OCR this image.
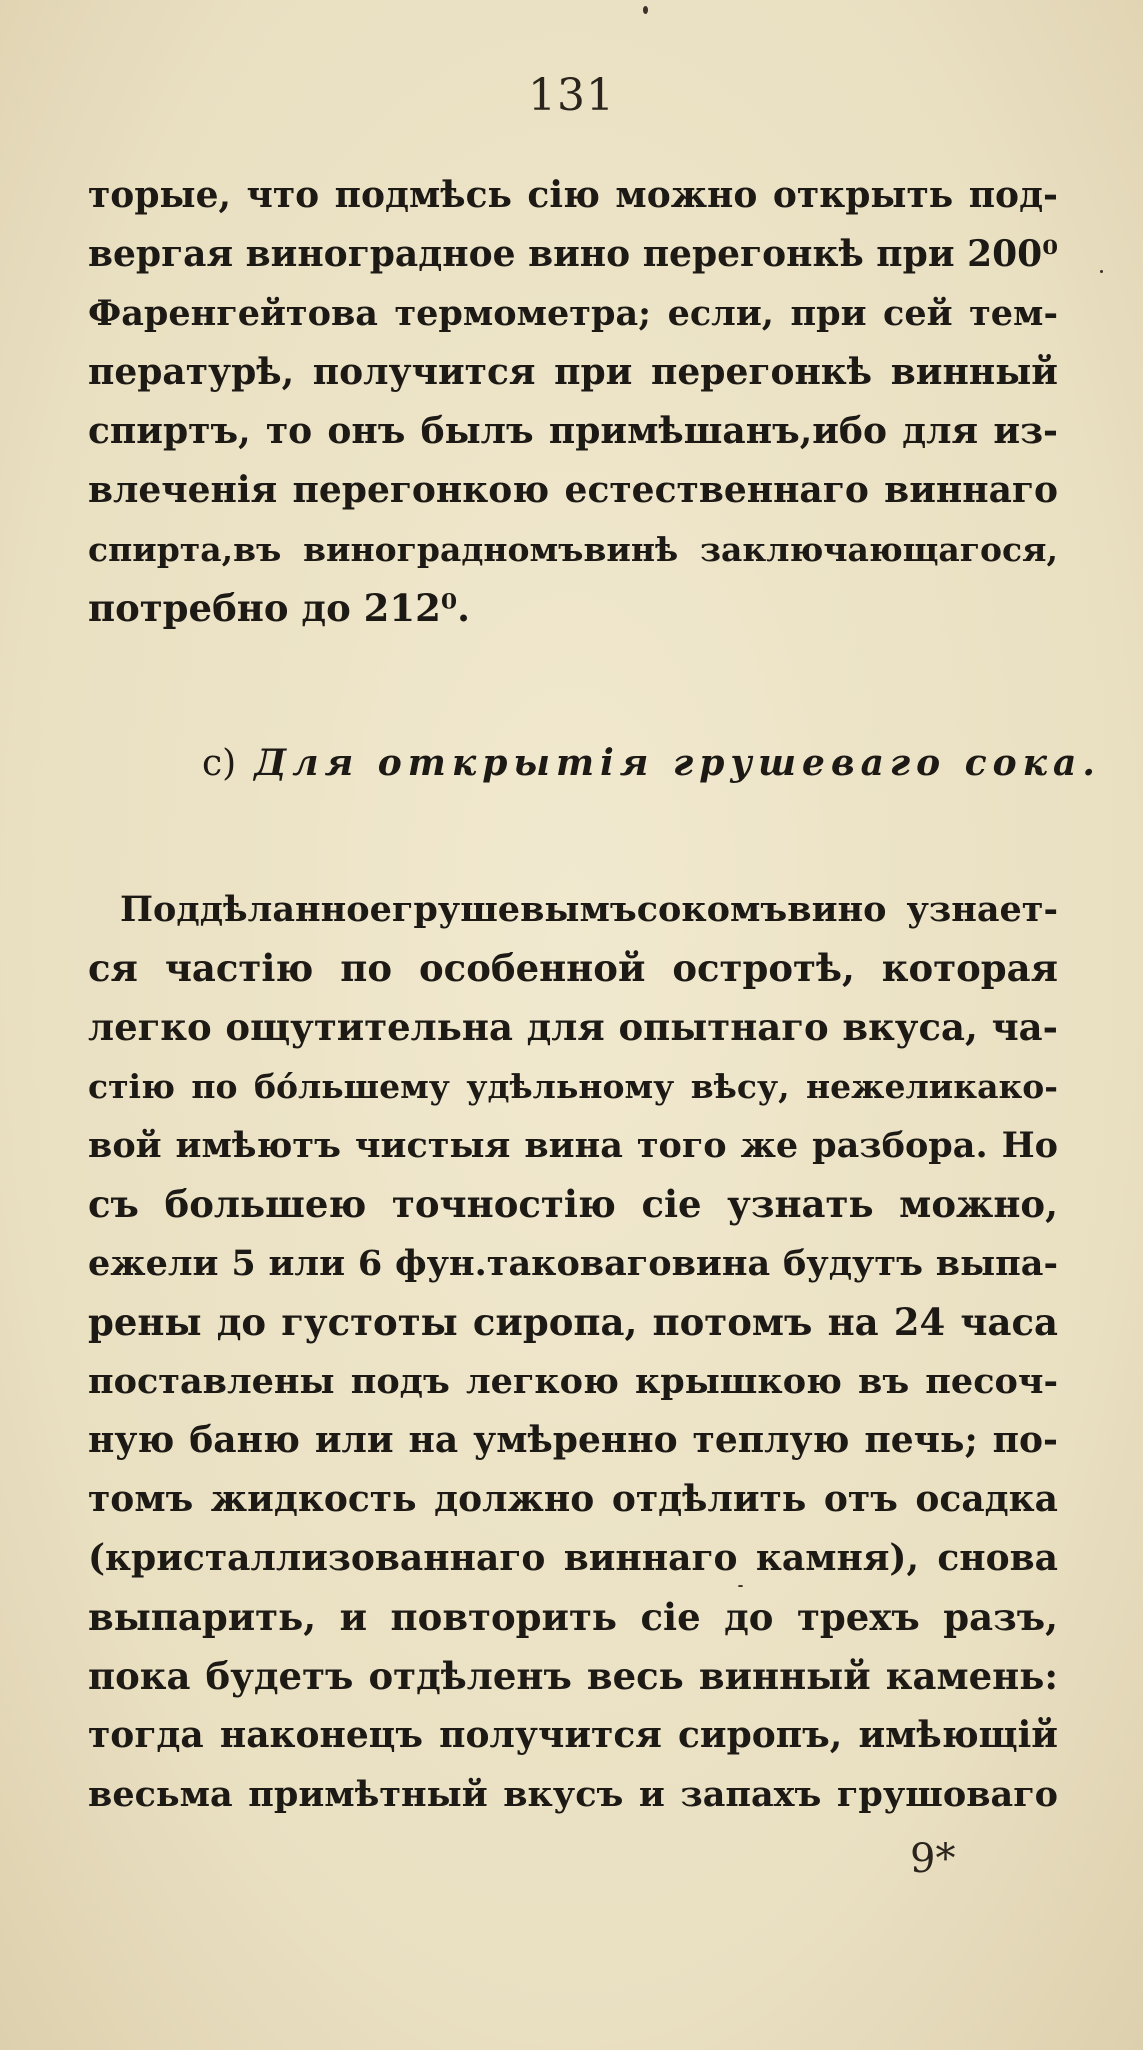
131
торые, что подмѣсь сію можно открыть под-
вергая виноградное вино перегонкѣ при 200⁰
Фаренгейтова термометра; если, при сей тем-
пературѣ, получится при перегонкѣ винный
спиртъ, то онъ былъ примѣшанъ,ибо для из-
влеченія перегонкою естественнаго виннаго
спирта,въ виноградномъвинѣ заключающагося,
потребно до 212⁰.
c) Для открытія грушеваго сока.
Поддѣланноегрушевымъсокомъвино узнает-
ся частію по особенной остротѣ, которая
легко ощутительна для опытнаго вкуса, ча-
стію по бо́льшему удѣльному вѣсу, нежеликако-
вой имѣютъ чистыя вина того же разбора. Но
съ большею точностію сіе узнать можно,
ежели 5 или 6 фун.таковаговина будутъ выпа-
рены до густоты сиропа, потомъ на 24 часа
поставлены подъ легкою крышкою въ песоч-
ную баню или на умѣренно теплую печь; по-
томъ жидкость должно отдѣлить отъ осадка
(кристаллизованнаго виннаго камня), снова
выпарить, и повторить сіе до трехъ разъ,
пока будетъ отдѣленъ весь винный камень:
тогда наконецъ получится сиропъ, имѣющій
весьма примѣтный вкусъ и запахъ грушоваго
9*
